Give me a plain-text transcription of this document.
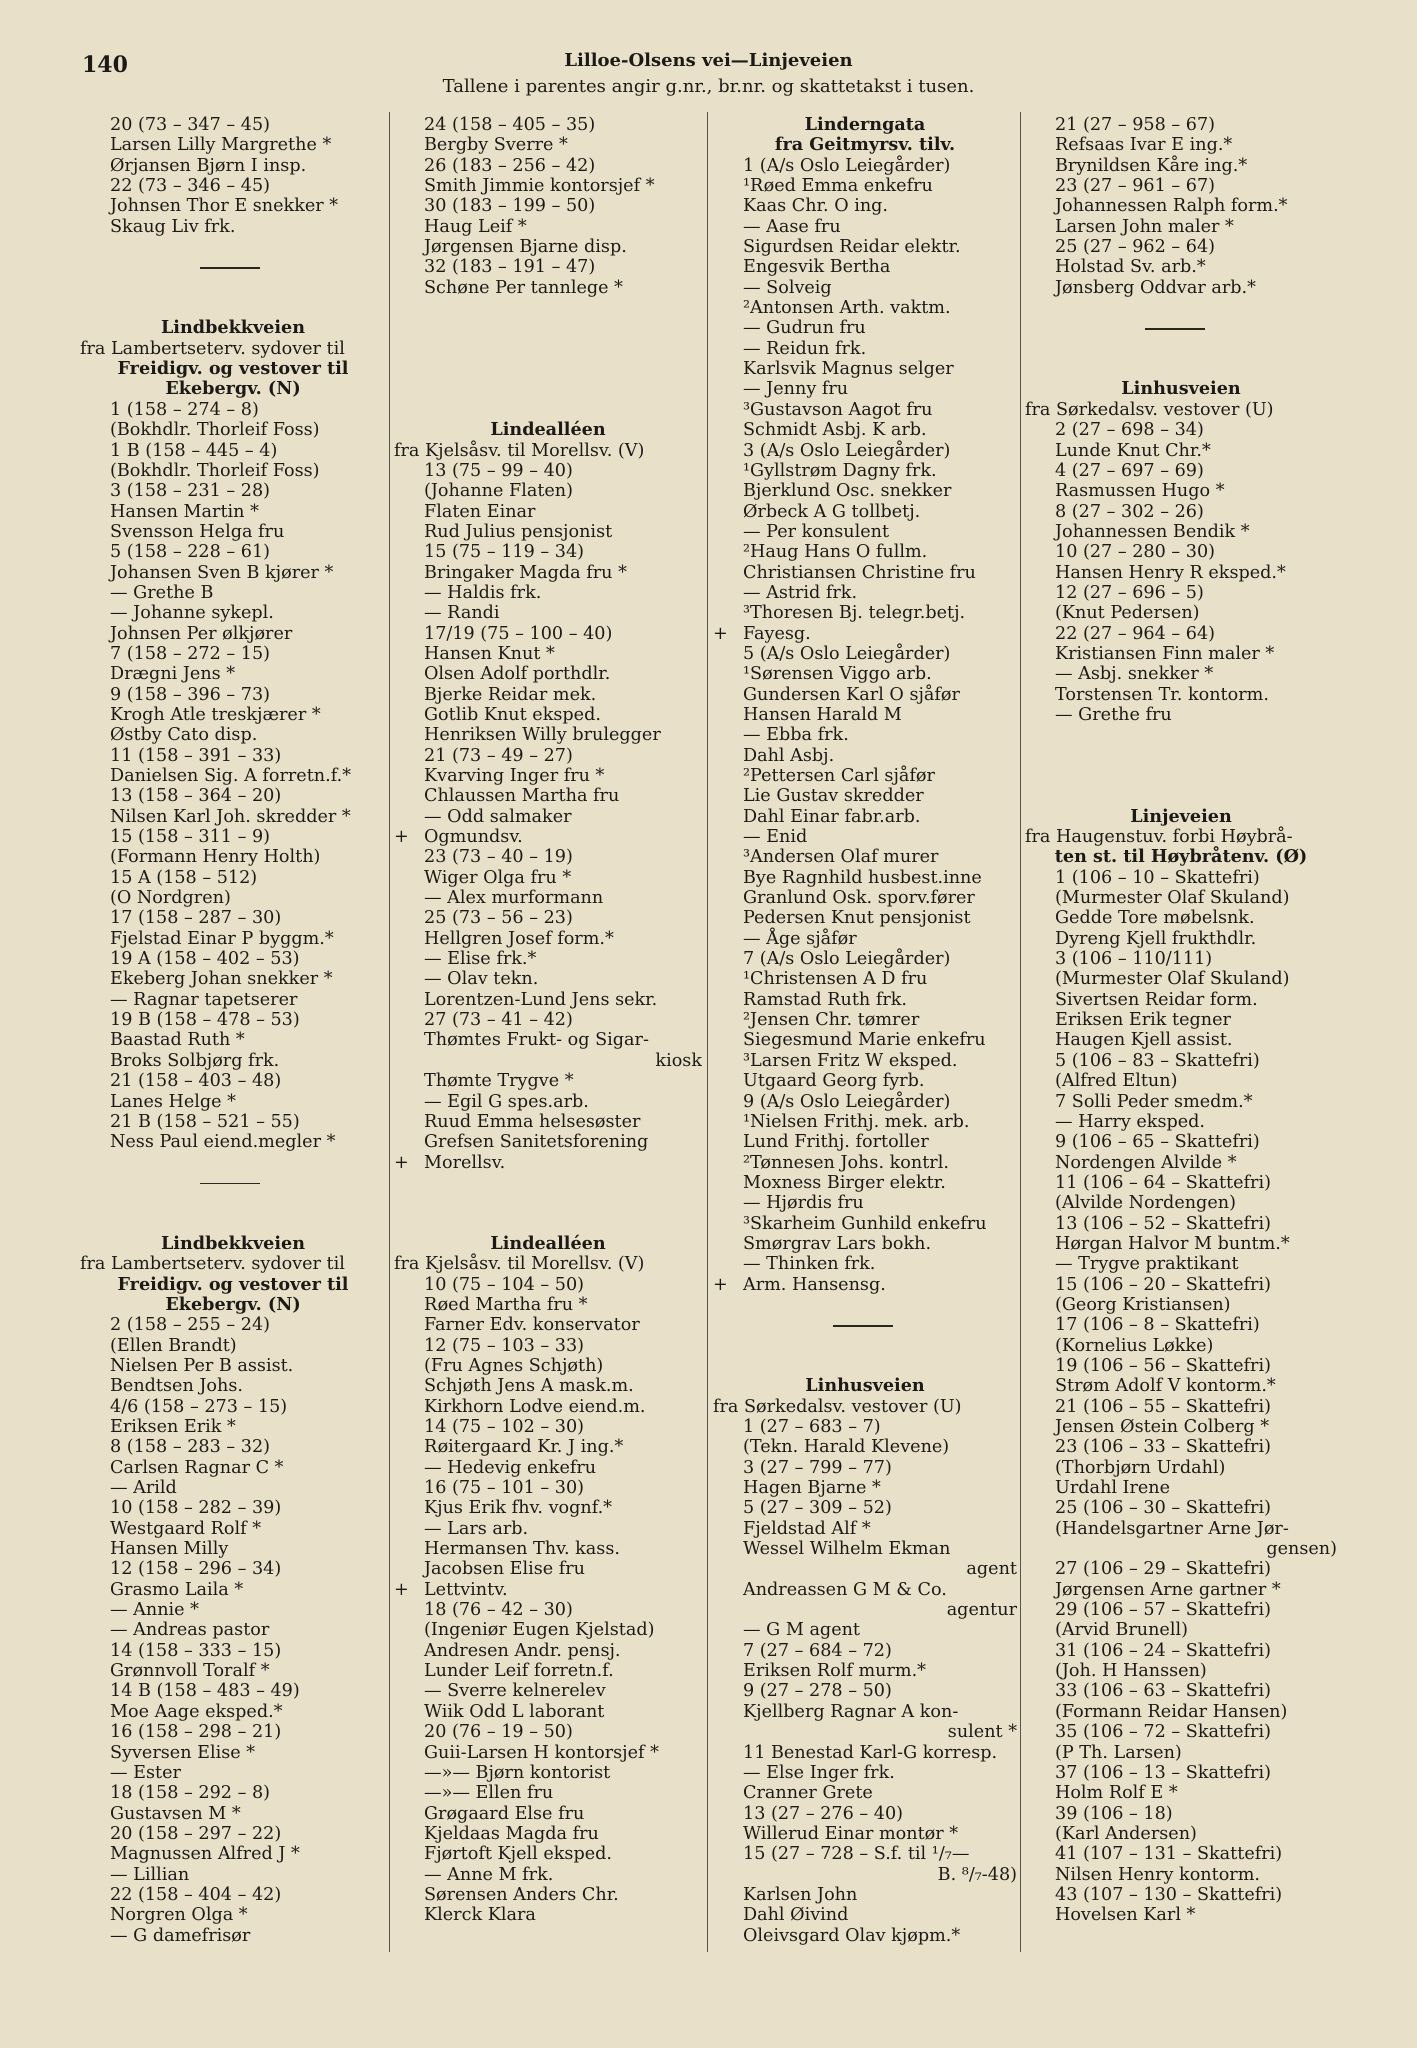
140	Lilloe-Olsens vei—Linjeveien
Tallene i parentes angir g.nr., br.nr. og skattetakst i tusen.
20 (73 – 347 – 45)
Larsen Lilly Margrethe *
Ørjansen Bjørn I insp.
22 (73 – 346 – 45)
Johnsen Thor E snekker *
Skaug Liv frk.
Lindbekkveien
fra Lambertseterv. sydover til
Freidigv. og vestover til
Ekebergv. (N)
1 (158 – 274 – 8)
(Bokhdlr. Thorleif Foss)
1 B (158 – 445 – 4)
(Bokhdlr. Thorleif Foss)
3 (158 – 231 – 28)
Hansen Martin *
Svensson Helga fru
5 (158 – 228 – 61)
Johansen Sven B kjører *
— Grethe B
— Johanne sykepl.
Johnsen Per ølkjører
7 (158 – 272 – 15)
Drægni Jens *
9 (158 – 396 – 73)
Krogh Atle treskjærer *
Østby Cato disp.
11 (158 – 391 – 33)
Danielsen Sig. A forretn.f.*
13 (158 – 364 – 20)
Nilsen Karl Joh. skredder *
15 (158 – 311 – 9)
(Formann Henry Holth)
15 A (158 – 512)
(O Nordgren)
17 (158 – 287 – 30)
Fjelstad Einar P byggm.*
19 A (158 – 402 – 53)
Ekeberg Johan snekker *
— Ragnar tapetserer
19 B (158 – 478 – 53)
Baastad Ruth *
Broks Solbjørg frk.
21 (158 – 403 – 48)
Lanes Helge *
21 B (158 – 521 – 55)
Ness Paul eiend.megler *
Lindbekkveien
fra Lambertseterv. sydover til
Freidigv. og vestover til
Ekebergv. (N)
2 (158 – 255 – 24)
(Ellen Brandt)
Nielsen Per B assist.
Bendtsen Johs.
4/6 (158 – 273 – 15)
Eriksen Erik *
8 (158 – 283 – 32)
Carlsen Ragnar C *
— Arild
10 (158 – 282 – 39)
Westgaard Rolf *
Hansen Milly
12 (158 – 296 – 34)
Grasmo Laila *
— Annie *
— Andreas pastor
14 (158 – 333 – 15)
Grønnvoll Toralf *
14 B (158 – 483 – 49)
Moe Aage eksped.*
16 (158 – 298 – 21)
Syversen Elise *
— Ester
18 (158 – 292 – 8)
Gustavsen M *
20 (158 – 297 – 22)
Magnussen Alfred J *
— Lillian
22 (158 – 404 – 42)
Norgren Olga *
— G damefrisør
24 (158 – 405 – 35)
Bergby Sverre *
26 (183 – 256 – 42)
Smith Jimmie kontorsjef *
30 (183 – 199 – 50)
Haug Leif *
Jørgensen Bjarne disp.
32 (183 – 191 – 47)
Schøne Per tannlege *
Lindealléen
fra Kjelsåsv. til Morellsv. (V)
13 (75 – 99 – 40)
(Johanne Flaten)
Flaten Einar
Rud Julius pensjonist
15 (75 – 119 – 34)
Bringaker Magda fru *
— Haldis frk.
— Randi
17/19 (75 – 100 – 40)
Hansen Knut *
Olsen Adolf porthdlr.
Bjerke Reidar mek.
Gotlib Knut eksped.
Henriksen Willy brulegger
21 (73 – 49 – 27)
Kvarving Inger fru *
Chlaussen Martha fru
— Odd salmaker
+ Ogmundsv.
23 (73 – 40 – 19)
Wiger Olga fru *
— Alex murformann
25 (73 – 56 – 23)
Hellgren Josef form.*
— Elise frk.*
— Olav tekn.
Lorentzen-Lund Jens sekr.
27 (73 – 41 – 42)
Thømtes Frukt- og Sigar-
kiosk
Thømte Trygve *
— Egil G spes.arb.
Ruud Emma helsesøster
Grefsen Sanitetsforening
+ Morellsv.
Lindealléen
fra Kjelsåsv. til Morellsv. (V)
10 (75 – 104 – 50)
Røed Martha fru *
Farner Edv. konservator
12 (75 – 103 – 33)
(Fru Agnes Schjøth)
Schjøth Jens A mask.m.
Kirkhorn Lodve eiend.m.
14 (75 – 102 – 30)
Røitergaard Kr. J ing.*
— Hedevig enkefru
16 (75 – 101 – 30)
Kjus Erik fhv. vognf.*
— Lars arb.
Hermansen Thv. kass.
Jacobsen Elise fru
+ Lettvintv.
18 (76 – 42 – 30)
(Ingeniør Eugen Kjelstad)
Andresen Andr. pensj.
Lunder Leif forretn.f.
— Sverre kelnerelev
Wiik Odd L laborant
20 (76 – 19 – 50)
Guii-Larsen H kontorsjef *
—»— Bjørn kontorist
—»— Ellen fru
Grøgaard Else fru
Kjeldaas Magda fru
Fjørtoft Kjell eksped.
— Anne M frk.
Sørensen Anders Chr.
Klerck Klara
Linderngata
fra Geitmyrsv. tilv.
1 (A/s Oslo Leiegårder)
¹Røed Emma enkefru
Kaas Chr. O ing.
— Aase fru
Sigurdsen Reidar elektr.
Engesvik Bertha
— Solveig
²Antonsen Arth. vaktm.
— Gudrun fru
— Reidun frk.
Karlsvik Magnus selger
— Jenny fru
³Gustavson Aagot fru
Schmidt Asbj. K arb.
3 (A/s Oslo Leiegårder)
¹Gyllstrøm Dagny frk.
Bjerklund Osc. snekker
Ørbeck A G tollbetj.
— Per konsulent
²Haug Hans O fullm.
Christiansen Christine fru
— Astrid frk.
³Thoresen Bj. telegr.betj.
+ Fayesg.
5 (A/s Oslo Leiegårder)
¹Sørensen Viggo arb.
Gundersen Karl O sjåfør
Hansen Harald M
— Ebba frk.
Dahl Asbj.
²Pettersen Carl sjåfør
Lie Gustav skredder
Dahl Einar fabr.arb.
— Enid
³Andersen Olaf murer
Bye Ragnhild husbest.inne
Granlund Osk. sporv.fører
Pedersen Knut pensjonist
— Åge sjåfør
7 (A/s Oslo Leiegårder)
¹Christensen A D fru
Ramstad Ruth frk.
²Jensen Chr. tømrer
Siegesmund Marie enkefru
³Larsen Fritz W eksped.
Utgaard Georg fyrb.
9 (A/s Oslo Leiegårder)
¹Nielsen Frithj. mek. arb.
Lund Frithj. fortoller
²Tønnesen Johs. kontrl.
Moxness Birger elektr.
— Hjørdis fru
³Skarheim Gunhild enkefru
Smørgrav Lars bokh.
— Thinken frk.
+ Arm. Hansensg.
Linhusveien
fra Sørkedalsv. vestover (U)
1 (27 – 683 – 7)
(Tekn. Harald Klevene)
3 (27 – 799 – 77)
Hagen Bjarne *
5 (27 – 309 – 52)
Fjeldstad Alf *
Wessel Wilhelm Ekman
agent
Andreassen G M & Co.
agentur
— G M agent
7 (27 – 684 – 72)
Eriksen Rolf murm.*
9 (27 – 278 – 50)
Kjellberg Ragnar A kon-
sulent *
11 Benestad Karl-G korresp.
— Else Inger frk.
Cranner Grete
13 (27 – 276 – 40)
Willerud Einar montør *
15 (27 – 728 – S.f. til ¹/₇—
B. ⁸/₇-48)
Karlsen John
Dahl Øivind
Oleivsgard Olav kjøpm.*
21 (27 – 958 – 67)
Refsaas Ivar E ing.*
Brynildsen Kåre ing.*
23 (27 – 961 – 67)
Johannessen Ralph form.*
Larsen John maler *
25 (27 – 962 – 64)
Holstad Sv. arb.*
Jønsberg Oddvar arb.*
Linhusveien
fra Sørkedalsv. vestover (U)
2 (27 – 698 – 34)
Lunde Knut Chr.*
4 (27 – 697 – 69)
Rasmussen Hugo *
8 (27 – 302 – 26)
Johannessen Bendik *
10 (27 – 280 – 30)
Hansen Henry R eksped.*
12 (27 – 696 – 5)
(Knut Pedersen)
22 (27 – 964 – 64)
Kristiansen Finn maler *
— Asbj. snekker *
Torstensen Tr. kontorm.
— Grethe fru
Linjeveien
fra Haugenstuv. forbi Høybrå-
ten st. til Høybråtenv. (Ø)
1 (106 – 10 – Skattefri)
(Murmester Olaf Skuland)
Gedde Tore møbelsnk.
Dyreng Kjell frukthdlr.
3 (106 – 110/111)
(Murmester Olaf Skuland)
Sivertsen Reidar form.
Eriksen Erik tegner
Haugen Kjell assist.
5 (106 – 83 – Skattefri)
(Alfred Eltun)
7 Solli Peder smedm.*
— Harry eksped.
9 (106 – 65 – Skattefri)
Nordengen Alvilde *
11 (106 – 64 – Skattefri)
(Alvilde Nordengen)
13 (106 – 52 – Skattefri)
Hørgan Halvor M buntm.*
— Trygve praktikant
15 (106 – 20 – Skattefri)
(Georg Kristiansen)
17 (106 – 8 – Skattefri)
(Kornelius Løkke)
19 (106 – 56 – Skattefri)
Strøm Adolf V kontorm.*
21 (106 – 55 – Skattefri)
Jensen Østein Colberg *
23 (106 – 33 – Skattefri)
(Thorbjørn Urdahl)
Urdahl Irene
25 (106 – 30 – Skattefri)
(Handelsgartner Arne Jør-
gensen)
27 (106 – 29 – Skattefri)
Jørgensen Arne gartner *
29 (106 – 57 – Skattefri)
(Arvid Brunell)
31 (106 – 24 – Skattefri)
(Joh. H Hanssen)
33 (106 – 63 – Skattefri)
(Formann Reidar Hansen)
35 (106 – 72 – Skattefri)
(P Th. Larsen)
37 (106 – 13 – Skattefri)
Holm Rolf E *
39 (106 – 18)
(Karl Andersen)
41 (107 – 131 – Skattefri)
Nilsen Henry kontorm.
43 (107 – 130 – Skattefri)
Hovelsen Karl *
